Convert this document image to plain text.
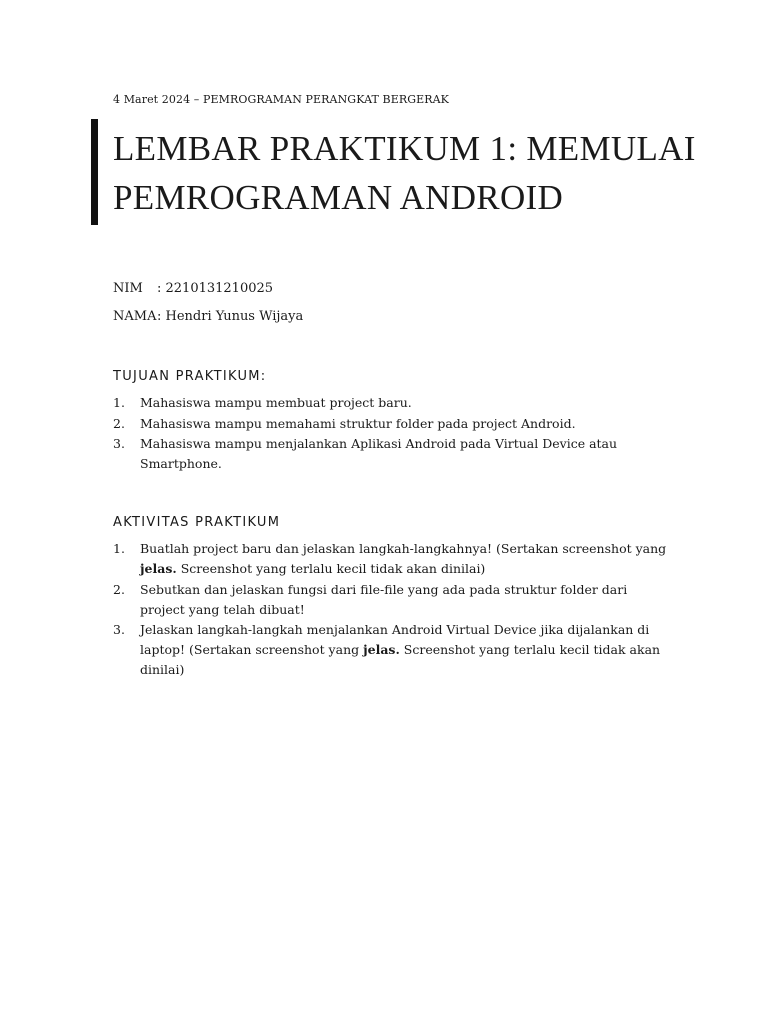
4 Maret 2024 – PEMROGRAMAN PERANGKAT BERGERAK
LEMBAR PRAKTIKUM 1: MEMULAI
PEMROGRAMAN ANDROID
NIM : 2210131210025
NAMA: Hendri Yunus Wijaya
TUJUAN PRAKTIKUM:
1. Mahasiswa mampu membuat project baru.
2. Mahasiswa mampu memahami struktur folder pada project Android.
3. Mahasiswa mampu menjalankan Aplikasi Android pada Virtual Device atau Smartphone.
AKTIVITAS PRAKTIKUM
1. Buatlah project baru dan jelaskan langkah-langkahnya! (Sertakan screenshot yang jelas. Screenshot yang terlalu kecil tidak akan dinilai)
2. Sebutkan dan jelaskan fungsi dari file-file yang ada pada struktur folder dari project yang telah dibuat!
3. Jelaskan langkah-langkah menjalankan Android Virtual Device jika dijalankan di laptop! (Sertakan screenshot yang jelas. Screenshot yang terlalu kecil tidak akan dinilai)
